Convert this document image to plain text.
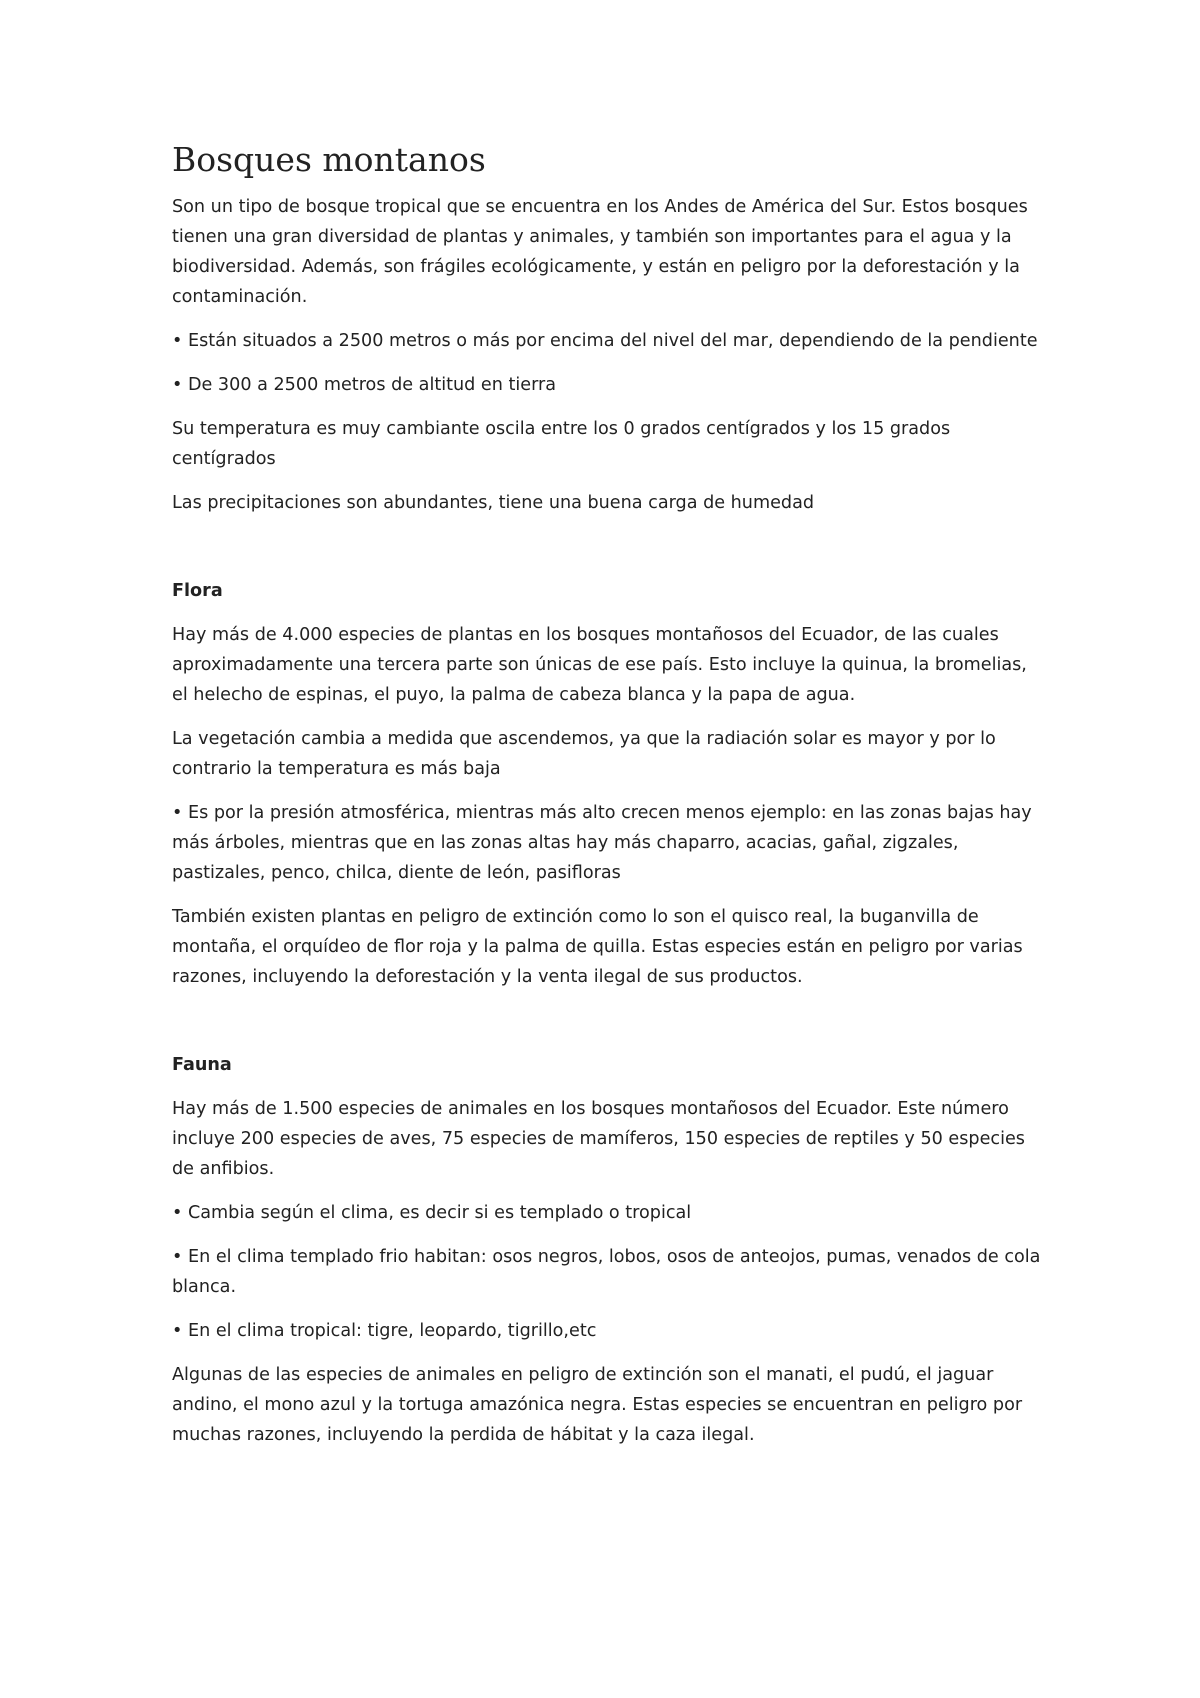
Bosques montanos

Son un tipo de bosque tropical que se encuentra en los Andes de América del Sur. Estos bosques tienen una gran diversidad de plantas y animales, y también son importantes para el agua y la biodiversidad. Además, son frágiles ecológicamente, y están en peligro por la deforestación y la contaminación.

• Están situados a 2500 metros o más por encima del nivel del mar, dependiendo de la pendiente

• De 300 a 2500 metros de altitud en tierra

Su temperatura es muy cambiante oscila entre los 0 grados centígrados y los 15 grados centígrados

Las precipitaciones son abundantes, tiene una buena carga de humedad

Flora

Hay más de 4.000 especies de plantas en los bosques montañosos del Ecuador, de las cuales aproximadamente una tercera parte son únicas de ese país. Esto incluye la quinua, la bromelias, el helecho de espinas, el puyo, la palma de cabeza blanca y la papa de agua.

La vegetación cambia a medida que ascendemos, ya que la radiación solar es mayor y por lo contrario la temperatura es más baja

• Es por la presión atmosférica, mientras más alto crecen menos ejemplo: en las zonas bajas hay más árboles, mientras que en las zonas altas hay más chaparro, acacias, gañal, zigzales, pastizales, penco, chilca, diente de león, pasifloras

También existen plantas en peligro de extinción como lo son el quisco real, la buganvilla de montaña, el orquídeo de flor roja y la palma de quilla. Estas especies están en peligro por varias razones, incluyendo la deforestación y la venta ilegal de sus productos.

Fauna

Hay más de 1.500 especies de animales en los bosques montañosos del Ecuador. Este número incluye 200 especies de aves, 75 especies de mamíferos, 150 especies de reptiles y 50 especies de anfibios.

• Cambia según el clima, es decir si es templado o tropical

• En el clima templado frio habitan: osos negros, lobos, osos de anteojos, pumas, venados de cola blanca.

• En el clima tropical: tigre, leopardo, tigrillo,etc

Algunas de las especies de animales en peligro de extinción son el manati, el pudú, el jaguar andino, el mono azul y la tortuga amazónica negra. Estas especies se encuentran en peligro por muchas razones, incluyendo la perdida de hábitat y la caza ilegal.
